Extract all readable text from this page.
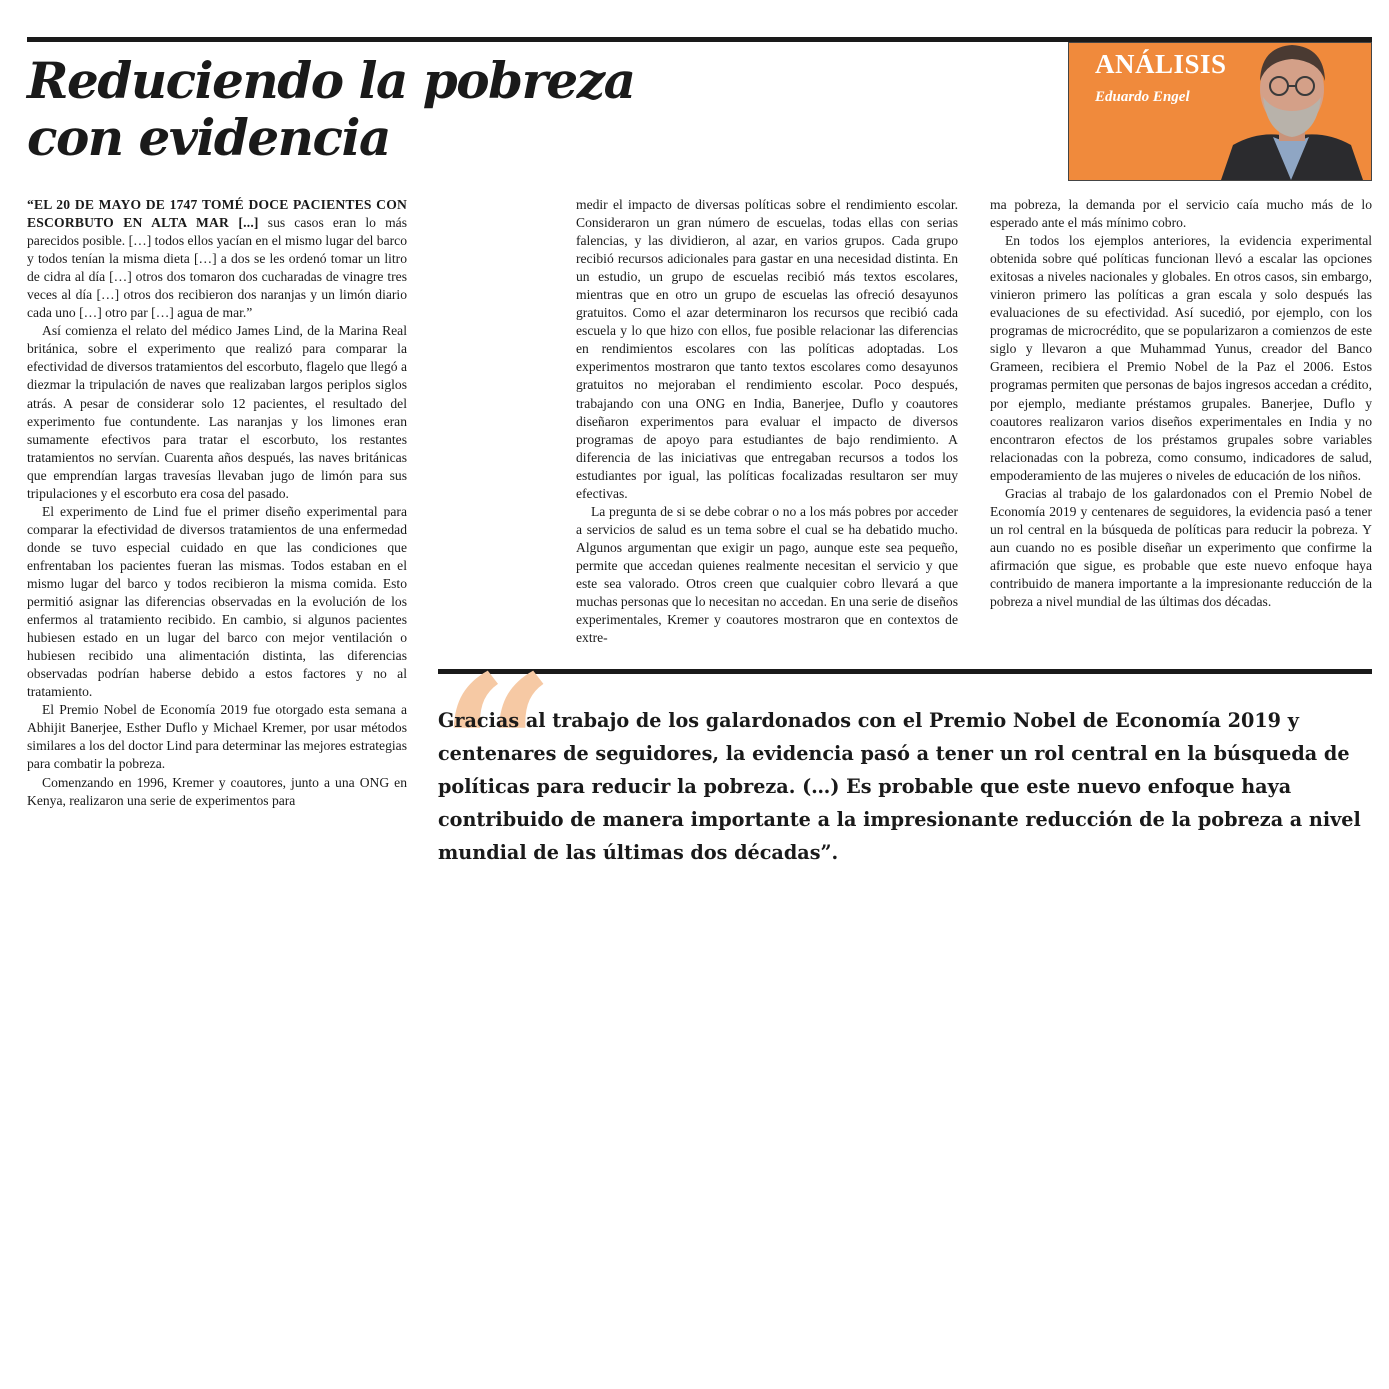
Reduciendo la pobreza
con evidencia
ANÁLISIS
Eduardo Engel

“EL 20 DE MAYO DE 1747 TOMÉ DOCE PACIENTES CON ESCORBUTO EN ALTA MAR [...] sus casos eran lo más parecidos posible. […] todos ellos yacían en el mismo lugar del barco y todos tenían la misma dieta […] a dos se les ordenó tomar un litro de cidra al día […] otros dos tomaron dos cucharadas de vinagre tres veces al día […] otros dos recibieron dos naranjas y un limón diario cada uno […] otro par […] agua de mar.”

Así comienza el relato del médico James Lind, de la Marina Real británica, sobre el experimento que realizó para comparar la efectividad de diversos tratamientos del escorbuto, flagelo que llegó a diezmar la tripulación de naves que realizaban largos periplos siglos atrás. A pesar de considerar solo 12 pacientes, el resultado del experimento fue contundente. Las naranjas y los limones eran sumamente efectivos para tratar el escorbuto, los restantes tratamientos no servían. Cuarenta años después, las naves británicas que emprendían largas travesías llevaban jugo de limón para sus tripulaciones y el escorbuto era cosa del pasado.

El experimento de Lind fue el primer diseño experimental para comparar la efectividad de diversos tratamientos de una enfermedad donde se tuvo especial cuidado en que las condiciones que enfrentaban los pacientes fueran las mismas. Todos estaban en el mismo lugar del barco y todos recibieron la misma comida. Esto permitió asignar las diferencias observadas en la evolución de los enfermos al tratamiento recibido. En cambio, si algunos pacientes hubiesen estado en un lugar del barco con mejor ventilación o hubiesen recibido una alimentación distinta, las diferencias observadas podrían haberse debido a estos factores y no al tratamiento.

El Premio Nobel de Economía 2019 fue otorgado esta semana a Abhijit Banerjee, Esther Duflo y Michael Kremer, por usar métodos similares a los del doctor Lind para determinar las mejores estrategias para combatir la pobreza.

Comenzando en 1996, Kremer y coautores, junto a una ONG en Kenya, realizaron una serie de experimentos para

medir el impacto de diversas políticas sobre el rendimiento escolar. Consideraron un gran número de escuelas, todas ellas con serias falencias, y las dividieron, al azar, en varios grupos. Cada grupo recibió recursos adicionales para gastar en una necesidad distinta. En un estudio, un grupo de escuelas recibió más textos escolares, mientras que en otro un grupo de escuelas las ofreció desayunos gratuitos. Como el azar determinaron los recursos que recibió cada escuela y lo que hizo con ellos, fue posible relacionar las diferencias en rendimientos escolares con las políticas adoptadas. Los experimentos mostraron que tanto textos escolares como desayunos gratuitos no mejoraban el rendimiento escolar. Poco después, trabajando con una ONG en India, Banerjee, Duflo y coautores diseñaron experimentos para evaluar el impacto de diversos programas de apoyo para estudiantes de bajo rendimiento. A diferencia de las iniciativas que entregaban recursos a todos los estudiantes por igual, las políticas focalizadas resultaron ser muy efectivas.

La pregunta de si se debe cobrar o no a los más pobres por acceder a servicios de salud es un tema sobre el cual se ha debatido mucho. Algunos argumentan que exigir un pago, aunque este sea pequeño, permite que accedan quienes realmente necesitan el servicio y que este sea valorado. Otros creen que cualquier cobro llevará a que muchas personas que lo necesitan no accedan. En una serie de diseños experimentales, Kremer y coautores mostraron que en contextos de extre-

ma pobreza, la demanda por el servicio caía mucho más de lo esperado ante el más mínimo cobro.

En todos los ejemplos anteriores, la evidencia experimental obtenida sobre qué políticas funcionan llevó a escalar las opciones exitosas a niveles nacionales y globales. En otros casos, sin embargo, vinieron primero las políticas a gran escala y solo después las evaluaciones de su efectividad. Así sucedió, por ejemplo, con los programas de microcrédito, que se popularizaron a comienzos de este siglo y llevaron a que Muhammad Yunus, creador del Banco Grameen, recibiera el Premio Nobel de la Paz el 2006. Estos programas permiten que personas de bajos ingresos accedan a crédito, por ejemplo, mediante préstamos grupales. Banerjee, Duflo y coautores realizaron varios diseños experimentales en India y no encontraron efectos de los préstamos grupales sobre variables relacionadas con la pobreza, como consumo, indicadores de salud, empoderamiento de las mujeres o niveles de educación de los niños.

Gracias al trabajo de los galardonados con el Premio Nobel de Economía 2019 y centenares de seguidores, la evidencia pasó a tener un rol central en la búsqueda de políticas para reducir la pobreza. Y aun cuando no es posible diseñar un experimento que confirme la afirmación que sigue, es probable que este nuevo enfoque haya contribuido de manera importante a la impresionante reducción de la pobreza a nivel mundial de las últimas dos décadas.

“

Gracias al trabajo de los galardonados con el Premio Nobel de Economía 2019 y centenares de seguidores, la evidencia pasó a tener un rol central en la búsqueda de políticas para reducir la pobreza. (…) Es probable que este nuevo enfoque haya contribuido de manera importante a la impresionante reducción de la pobreza a nivel mundial de las últimas dos décadas”.
